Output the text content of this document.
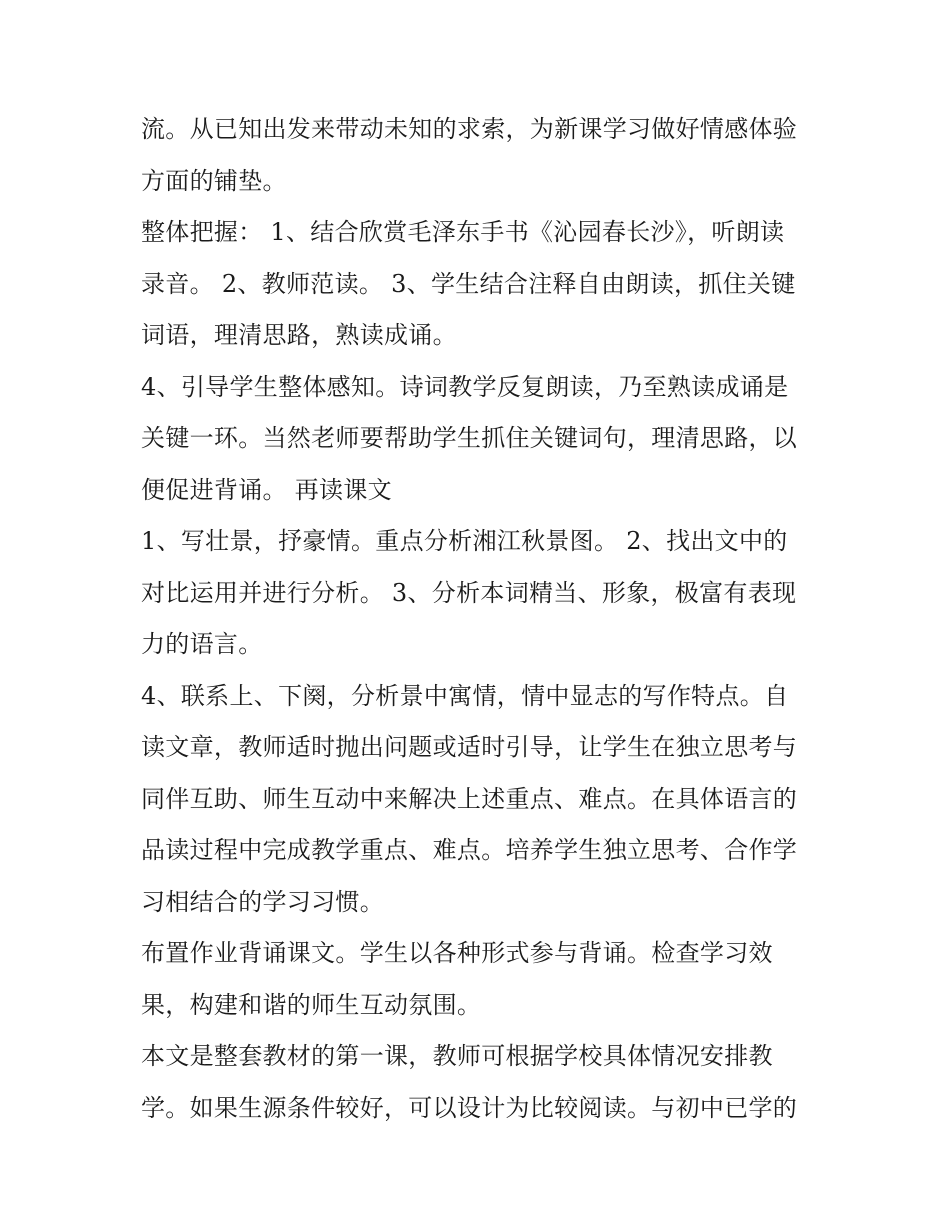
流。从已知出发来带动未知的求索，为新课学习做好情感体验
方面的铺垫。
整体把握： 1、结合欣赏毛泽东手书《沁园春长沙》，听朗读
录音。 2、教师范读。 3、学生结合注释自由朗读，抓住关键
词语，理清思路，熟读成诵。
4、引导学生整体感知。诗词教学反复朗读，乃至熟读成诵是
关键一环。当然老师要帮助学生抓住关键词句，理清思路，以
便促进背诵。 再读课文
1、写壮景，抒豪情。重点分析湘江秋景图。 2、找出文中的
对比运用并进行分析。 3、分析本词精当、形象，极富有表现
力的语言。
4、联系上、下阕，分析景中寓情，情中显志的写作特点。自
读文章，教师适时抛出问题或适时引导，让学生在独立思考与
同伴互助、师生互动中来解决上述重点、难点。在具体语言的
品读过程中完成教学重点、难点。培养学生独立思考、合作学
习相结合的学习习惯。
布置作业背诵课文。学生以各种形式参与背诵。检查学习效
果，构建和谐的师生互动氛围。
本文是整套教材的第一课，教师可根据学校具体情况安排教
学。如果生源条件较好，可以设计为比较阅读。与初中已学的
